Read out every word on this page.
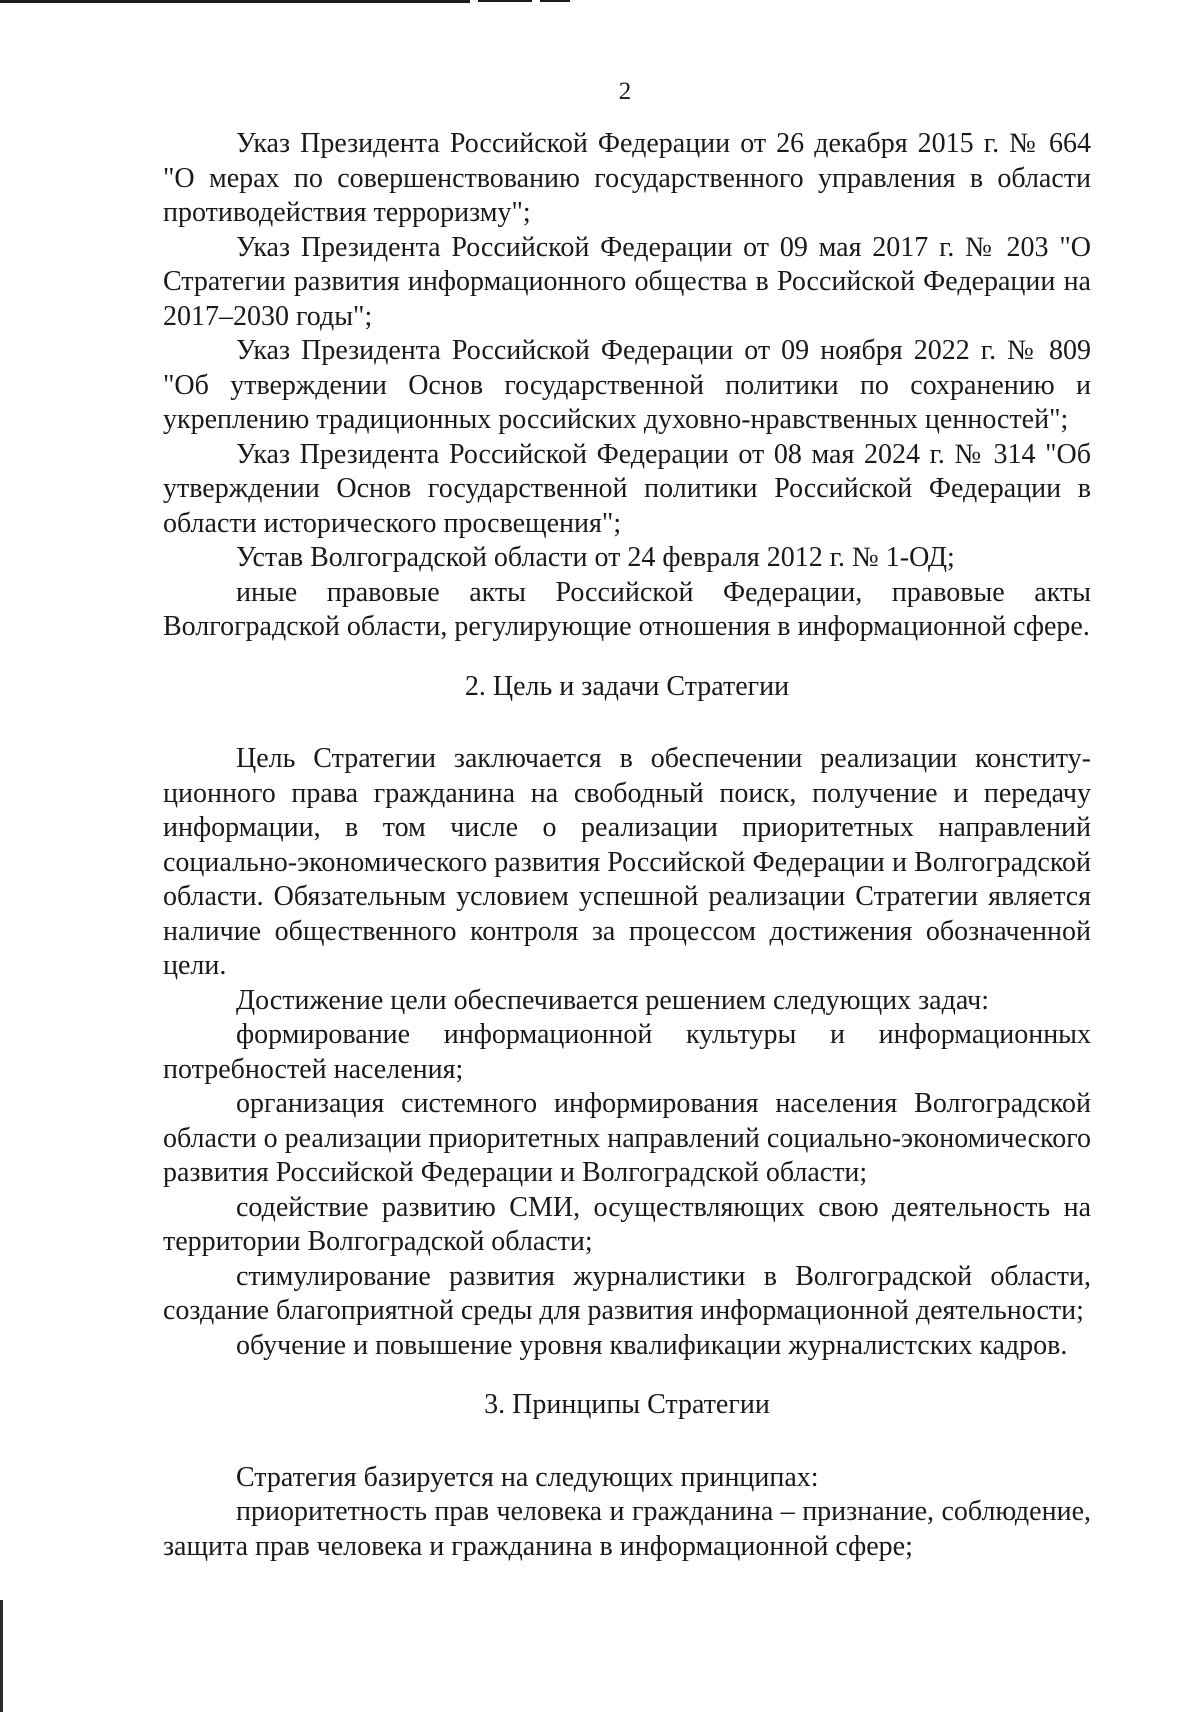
2

Указ Президента Российской Федерации от 26 декабря 2015 г. № 664 "О мерах по совершенствованию государственного управления в области противодействия терроризму";

Указ Президента Российской Федерации от 09 мая 2017 г. № 203 "О Стратегии развития информационного общества в Российской Федерации на 2017–2030 годы";

Указ Президента Российской Федерации от 09 ноября 2022 г. № 809 "Об утверждении Основ государственной политики по сохранению и укреплению традиционных российских духовно-нравственных ценностей";

Указ Президента Российской Федерации от 08 мая 2024 г. № 314 "Об утверждении Основ государственной политики Российской Федерации в области исторического просвещения";

Устав Волгоградской области от 24 февраля 2012 г. № 1-ОД;

иные правовые акты Российской Федерации, правовые акты Волгоградской области, регулирующие отношения в информационной сфере.

2. Цель и задачи Стратегии

Цель Стратегии заключается в обеспечении реализации конституционного права гражданина на свободный поиск, получение и передачу информации, в том числе о реализации приоритетных направлений социально-экономического развития Российской Федерации и Волгоградской области. Обязательным условием успешной реализации Стратегии является наличие общественного контроля за процессом достижения обозначенной цели.

Достижение цели обеспечивается решением следующих задач:

формирование информационной культуры и информационных потребностей населения;

организация системного информирования населения Волгоградской области о реализации приоритетных направлений социально-экономического развития Российской Федерации и Волгоградской области;

содействие развитию СМИ, осуществляющих свою деятельность на территории Волгоградской области;

стимулирование развития журналистики в Волгоградской области, создание благоприятной среды для развития информационной деятельности;

обучение и повышение уровня квалификации журналистских кадров.

3. Принципы Стратегии

Стратегия базируется на следующих принципах:

приоритетность прав человека и гражданина – признание, соблюдение, защита прав человека и гражданина в информационной сфере;
